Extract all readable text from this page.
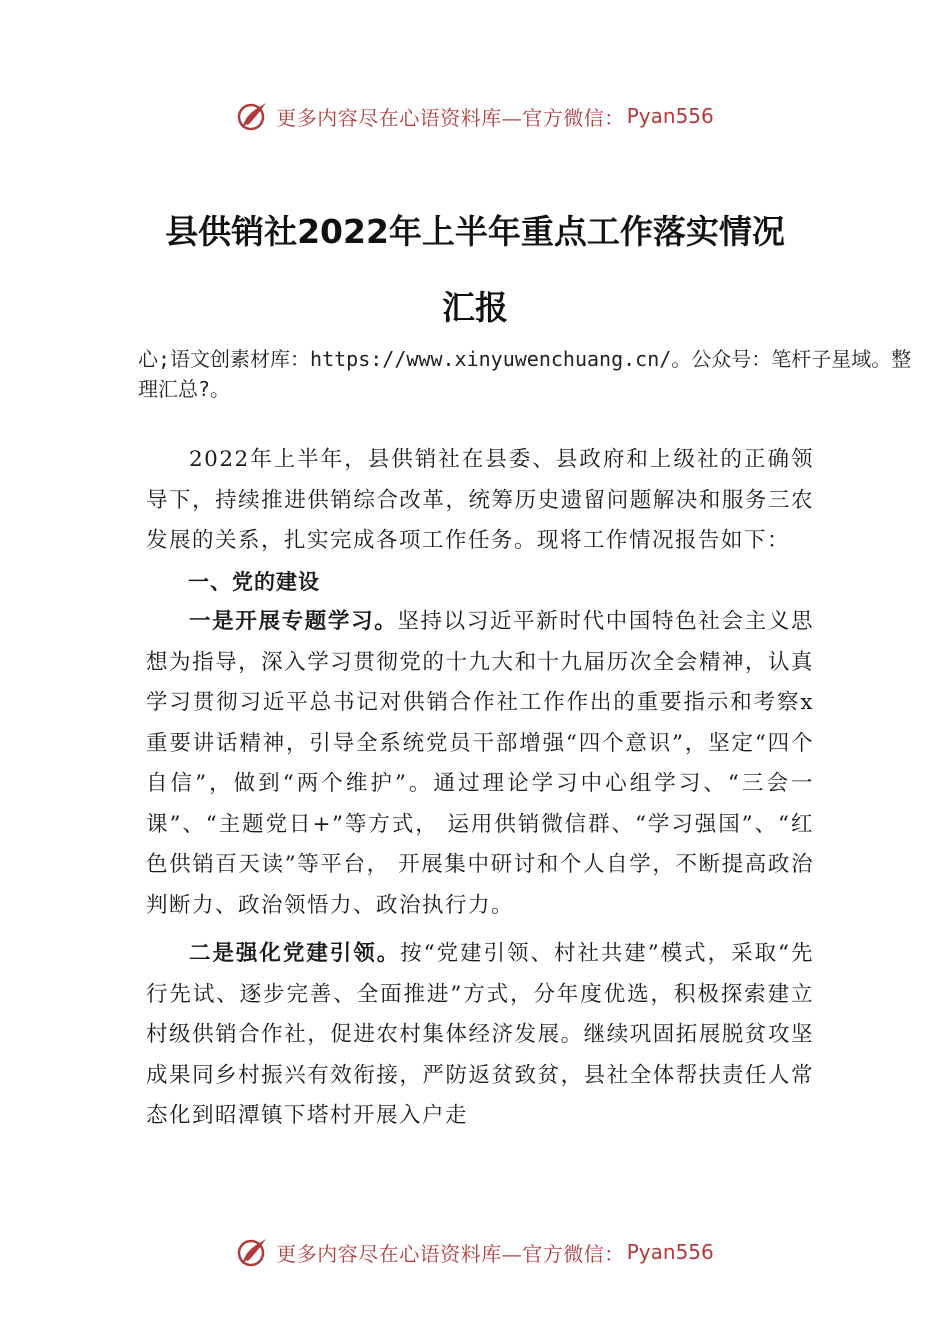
更多内容尽在心语资料库—官方微信： Pyan556
县供销社2022年上半年重点工作落实情况
汇报
心;语文创素材库：https://www.xinyuwenchuang.cn/。公众号：笔杆子星域。整理汇总?。

2022年上半年，县供销社在县委、县政府和上级社的正确领导下，持续推进供销综合改革，统筹历史遗留问题解决和服务三农发展的关系，扎实完成各项工作任务。现将工作情况报告如下：

一、党的建设

一是开展专题学习。坚持以习近平新时代中国特色社会主义思想为指导，深入学习贯彻党的十九大和十九届历次全会精神，认真学习贯彻习近平总书记对供销合作社工作作出的重要指示和考察x重要讲话精神，引导全系统党员干部增强“四个意识”，坚定“四个自信”，做到“两个维护”。通过理论学习中心组学习、“三会一课”、“主题党日+”等方式， 运用供销微信群、“学习强国”、“红色供销百天读”等平台， 开展集中研讨和个人自学，不断提高政治判断力、政治领悟力、政治执行力。

二是强化党建引领。按“党建引领、村社共建”模式，采取“先行先试、逐步完善、全面推进”方式，分年度优选，积极探索建立村级供销合作社，促进农村集体经济发展。继续巩固拓展脱贫攻坚成果同乡村振兴有效衔接，严防返贫致贫，县社全体帮扶责任人常态化到昭潭镇下塔村开展入户走

更多内容尽在心语资料库—官方微信： Pyan556
